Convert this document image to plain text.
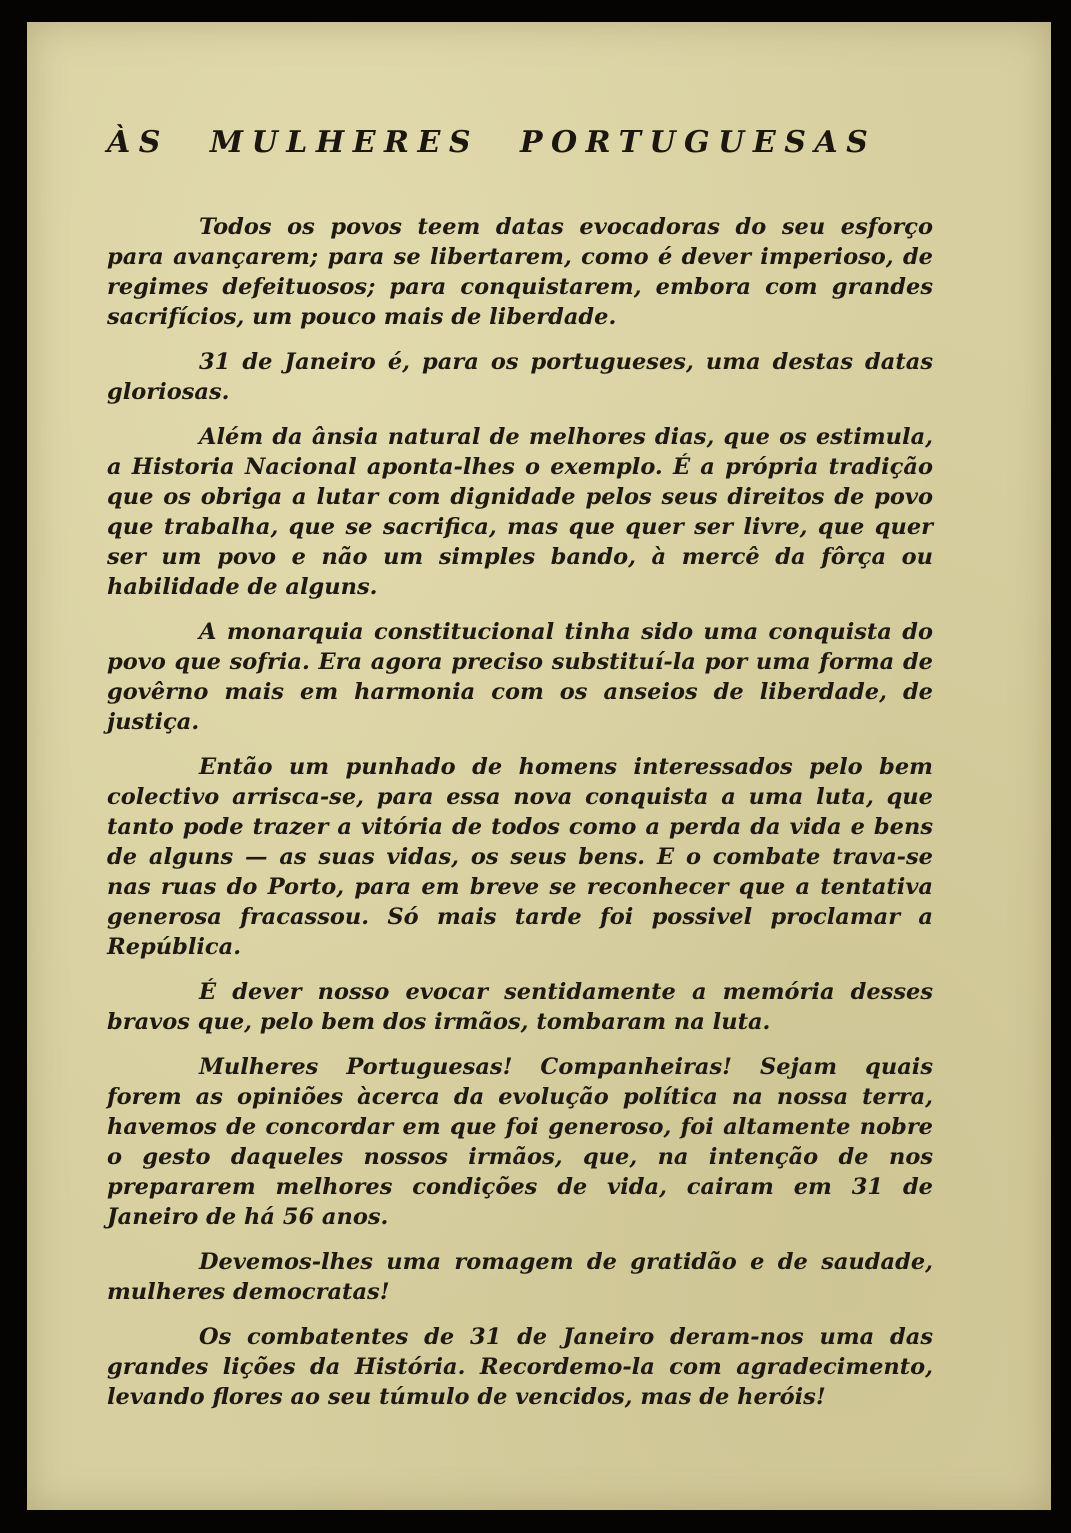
ÀS MULHERES PORTUGUESAS

Todos os povos teem datas evocadoras do seu esforço para avançarem; para se libertarem, como é dever imperioso, de regimes defeituosos; para conquistarem, embora com grandes sacrifícios, um pouco mais de liberdade.

31 de Janeiro é, para os portugueses, uma destas datas gloriosas.

Além da ânsia natural de melhores dias, que os estimula, a Historia Nacional aponta-lhes o exemplo. É a própria tradição que os obriga a lutar com dignidade pelos seus direitos de povo que trabalha, que se sacrifica, mas que quer ser livre, que quer ser um povo e não um simples bando, à mercê da fôrça ou habilidade de alguns.

A monarquia constitucional tinha sido uma conquista do povo que sofria. Era agora preciso substituí-la por uma forma de govêrno mais em harmonia com os anseios de liberdade, de justiça.

Então um punhado de homens interessados pelo bem colectivo arrisca-se, para essa nova conquista a uma luta, que tanto pode trazer a vitória de todos como a perda da vida e bens de alguns — as suas vidas, os seus bens. E o combate trava-se nas ruas do Porto, para em breve se reconhecer que a tentativa generosa fracassou. Só mais tarde foi possivel proclamar a República.

É dever nosso evocar sentidamente a memória desses bravos que, pelo bem dos irmãos, tombaram na luta.

Mulheres Portuguesas! Companheiras! Sejam quais forem as opiniões àcerca da evolução política na nossa terra, havemos de concordar em que foi generoso, foi altamente nobre o gesto daqueles nossos irmãos, que, na intenção de nos prepararem melhores condições de vida, cairam em 31 de Janeiro de há 56 anos.

Devemos-lhes uma romagem de gratidão e de saudade, mulheres democratas!

Os combatentes de 31 de Janeiro deram-nos uma das grandes lições da História. Recordemo-la com agradecimento, levando flores ao seu túmulo de vencidos, mas de heróis!
